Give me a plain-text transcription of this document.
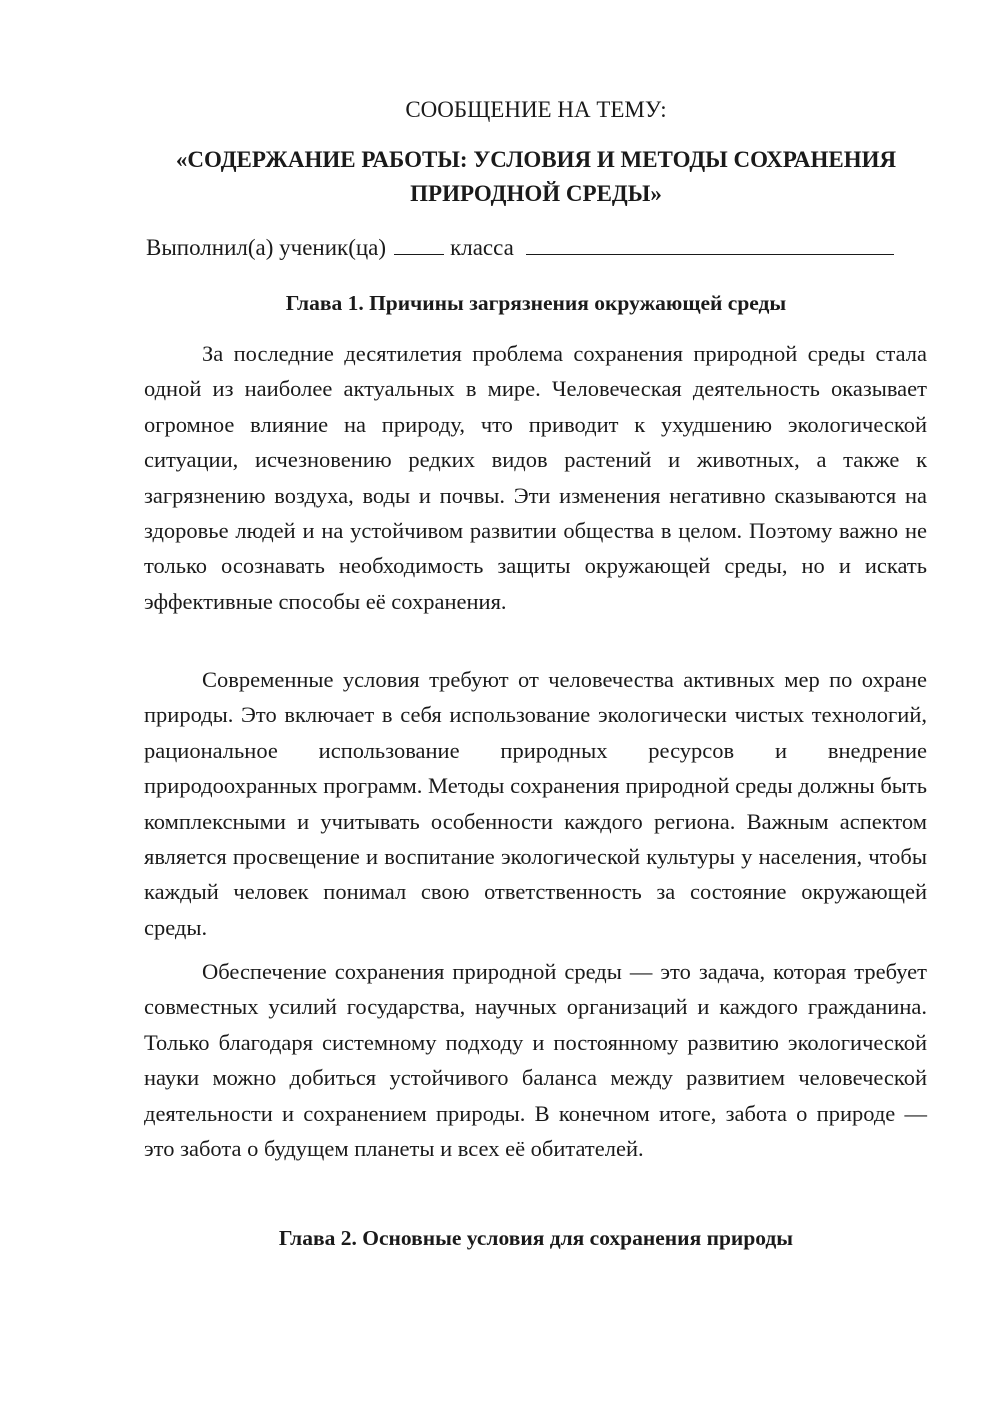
СООБЩЕНИЕ НА ТЕМУ:

«СОДЕРЖАНИЕ РАБОТЫ: УСЛОВИЯ И МЕТОДЫ СОХРАНЕНИЯ ПРИРОДНОЙ СРЕДЫ»

Выполнил(а) ученик(ца)	класса
Глава 1. Причины загрязнения окружающей среды

За последние десятилетия проблема сохранения природной среды стала одной из наиболее актуальных в мире. Человеческая деятельность оказывает огромное влияние на природу, что приводит к ухудшению экологической ситуации, исчезновению редких видов растений и животных, а также к загрязнению воздуха, воды и почвы. Эти изменения негативно сказываются на здоровье людей и на устойчивом развитии общества в целом. Поэтому важно не только осознавать необходимость защиты окружающей среды, но и искать эффективные способы её сохранения.

Современные условия требуют от человечества активных мер по охране природы. Это включает в себя использование экологически чистых технологий, рациональное использование природных ресурсов и внедрение природоохранных программ. Методы сохранения природной среды должны быть комплексными и учитывать особенности каждого региона. Важным аспектом является просвещение и воспитание экологической культуры у населения, чтобы каждый человек понимал свою ответственность за состояние окружающей среды.

Обеспечение сохранения природной среды — это задача, которая требует совместных усилий государства, научных организаций и каждого гражданина. Только благодаря системному подходу и постоянному развитию экологической науки можно добиться устойчивого баланса между развитием человеческой деятельности и сохранением природы. В конечном итоге, забота о природе — это забота о будущем планеты и всех её обитателей.

Глава 2. Основные условия для сохранения природы
